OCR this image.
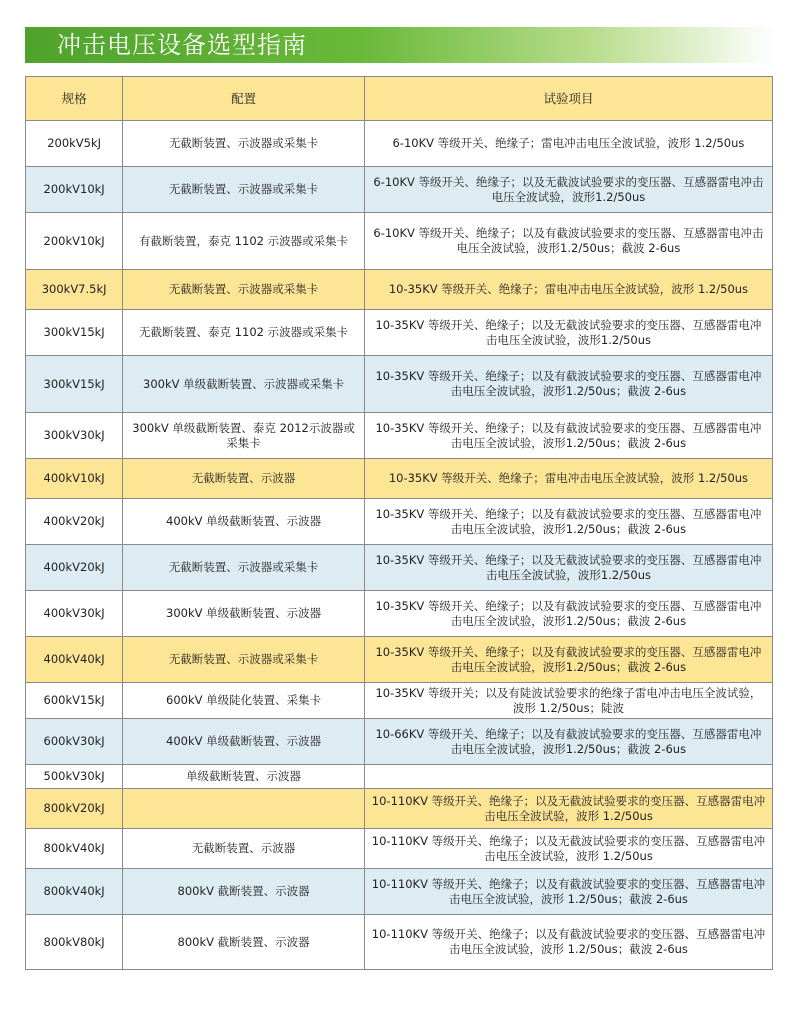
冲击电压设备选型指南
规格	配置	试验项目
200kV5kJ	无截断装置、示波器或采集卡	6-10KV 等级开关、绝缘子；雷电冲击电压全波试验，波形 1.2/50us
200kV10kJ	无截断装置、示波器或采集卡	6-10KV 等级开关、绝缘子；以及无截波试验要求的变压器、互感器雷电冲击电压全波试验，波形1.2/50us
200kV10kJ	有截断装置，泰克 1102 示波器或采集卡	6-10KV 等级开关、绝缘子；以及有截波试验要求的变压器、互感器雷电冲击电压全波试验，波形1.2/50us；截波 2-6us
300kV7.5kJ	无截断装置、示波器或采集卡	10-35KV 等级开关、绝缘子；雷电冲击电压全波试验，波形 1.2/50us
300kV15kJ	无截断装置、泰克 1102 示波器或采集卡	10-35KV 等级开关、绝缘子；以及无截波试验要求的变压器、互感器雷电冲击电压全波试验，波形1.2/50us
300kV15kJ	300kV 单级截断装置、示波器或采集卡	10-35KV 等级开关、绝缘子；以及有截波试验要求的变压器、互感器雷电冲击电压全波试验，波形1.2/50us；截波 2-6us
300kV30kJ	300kV 单级截断装置、泰克 2012示波器或采集卡	10-35KV 等级开关、绝缘子；以及有截波试验要求的变压器、互感器雷电冲击电压全波试验，波形1.2/50us；截波 2-6us
400kV10kJ	无截断装置、示波器	10-35KV 等级开关、绝缘子；雷电冲击电压全波试验，波形 1.2/50us
400kV20kJ	400kV 单级截断装置、示波器	10-35KV 等级开关、绝缘子；以及有截波试验要求的变压器、互感器雷电冲击电压全波试验，波形1.2/50us；截波 2-6us
400kV20kJ	无截断装置、示波器或采集卡	10-35KV 等级开关、绝缘子；以及无截波试验要求的变压器、互感器雷电冲击电压全波试验，波形1.2/50us
400kV30kJ	300kV 单级截断装置、示波器	10-35KV 等级开关、绝缘子；以及有截波试验要求的变压器、互感器雷电冲击电压全波试验，波形1.2/50us；截波 2-6us
400kV40kJ	无截断装置、示波器或采集卡	10-35KV 等级开关、绝缘子；以及有截波试验要求的变压器、互感器雷电冲击电压全波试验，波形1.2/50us；截波 2-6us
600kV15kJ	600kV 单级陡化装置、采集卡	10-35KV 等级开关；以及有陡波试验要求的绝缘子雷电冲击电压全波试验，波形 1.2/50us；陡波
600kV30kJ	400kV 单级截断装置、示波器	10-66KV 等级开关、绝缘子；以及有截波试验要求的变压器、互感器雷电冲击电压全波试验，波形1.2/50us；截波 2-6us
500kV30kJ	单级截断装置、示波器	
800kV20kJ		10-110KV 等级开关、绝缘子；以及无截波试验要求的变压器、互感器雷电冲击电压全波试验，波形 1.2/50us
800kV40kJ	无截断装置、示波器	10-110KV 等级开关、绝缘子；以及无截波试验要求的变压器、互感器雷电冲击电压全波试验，波形 1.2/50us
800kV40kJ	800kV 截断装置、示波器	10-110KV 等级开关、绝缘子；以及有截波试验要求的变压器、互感器雷电冲击电压全波试验，波形 1.2/50us；截波 2-6us
800kV80kJ	800kV 截断装置、示波器	10-110KV 等级开关、绝缘子；以及有截波试验要求的变压器、互感器雷电冲击电压全波试验，波形 1.2/50us；截波 2-6us
